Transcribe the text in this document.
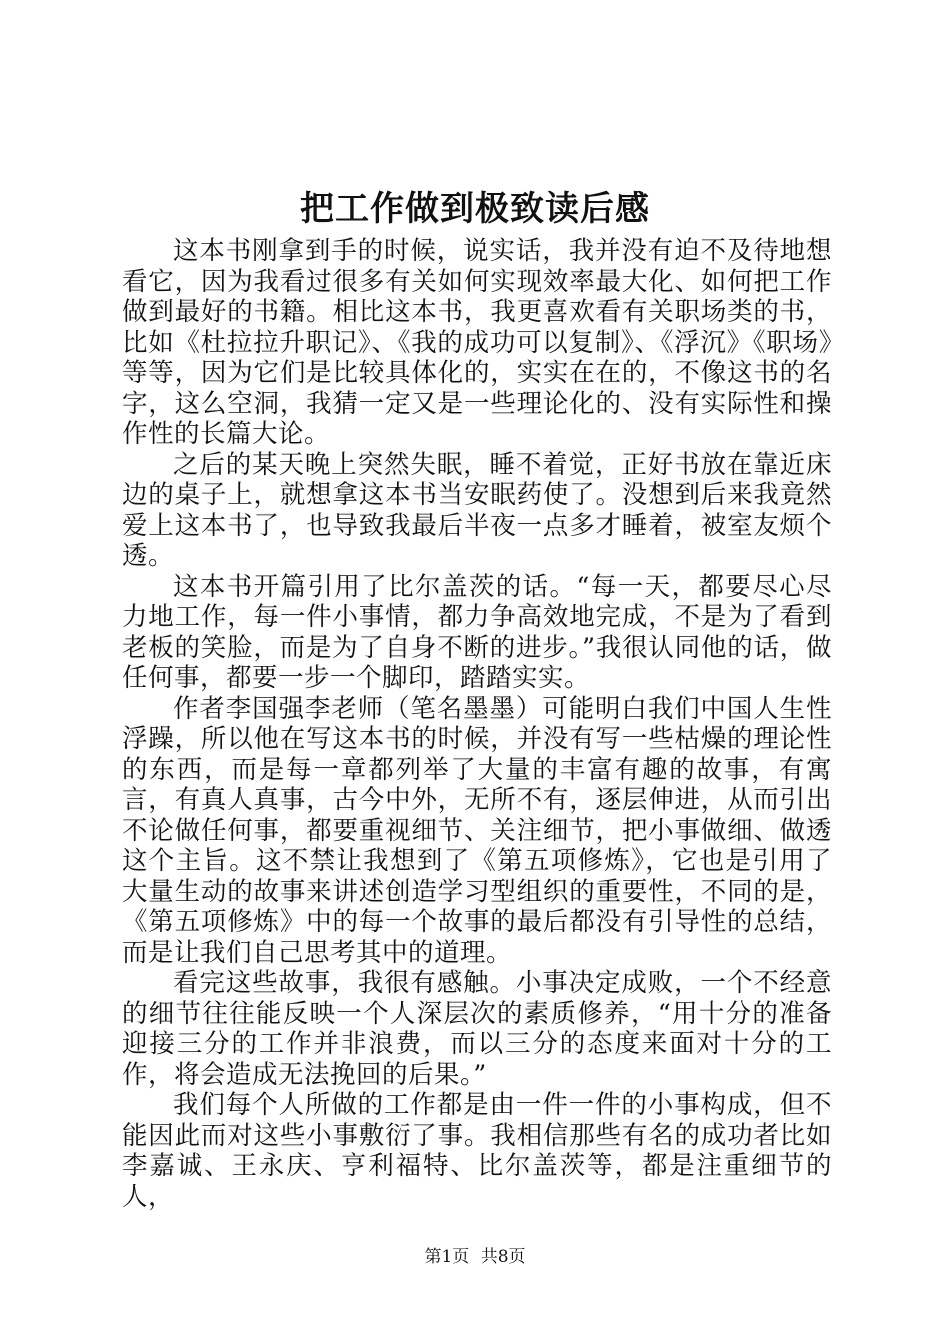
把工作做到极致读后感

这本书刚拿到手的时候，说实话，我并没有迫不及待地想看它，因为我看过很多有关如何实现效率最大化、如何把工作做到最好的书籍。相比这本书，我更喜欢看有关职场类的书，比如《杜拉拉升职记》、《我的成功可以复制》、《浮沉》《职场》等等，因为它们是比较具体化的，实实在在的，不像这书的名字，这么空洞，我猜一定又是一些理论化的、没有实际性和操作性的长篇大论。

之后的某天晚上突然失眠，睡不着觉，正好书放在靠近床边的桌子上，就想拿这本书当安眠药使了。没想到后来我竟然爱上这本书了，也导致我最后半夜一点多才睡着，被室友烦个透。

这本书开篇引用了比尔盖茨的话。“每一天，都要尽心尽力地工作，每一件小事情，都力争高效地完成，不是为了看到老板的笑脸，而是为了自身不断的进步。”我很认同他的话，做任何事，都要一步一个脚印，踏踏实实。

作者李国强李老师（笔名墨墨）可能明白我们中国人生性浮躁，所以他在写这本书的时候，并没有写一些枯燥的理论性的东西，而是每一章都列举了大量的丰富有趣的故事，有寓言，有真人真事，古今中外，无所不有，逐层伸进，从而引出不论做任何事，都要重视细节、关注细节，把小事做细、做透这个主旨。这不禁让我想到了《第五项修炼》，它也是引用了大量生动的故事来讲述创造学习型组织的重要性，不同的是，《第五项修炼》中的每一个故事的最后都没有引导性的总结，而是让我们自己思考其中的道理。

看完这些故事，我很有感触。小事决定成败，一个不经意的细节往往能反映一个人深层次的素质修养，“用十分的准备迎接三分的工作并非浪费，而以三分的态度来面对十分的工作，将会造成无法挽回的后果。”

我们每个人所做的工作都是由一件一件的小事构成，但不能因此而对这些小事敷衍了事。我相信那些有名的成功者比如李嘉诚、王永庆、亨利福特、比尔盖茨等，都是注重细节的人，

第1页 共8页
